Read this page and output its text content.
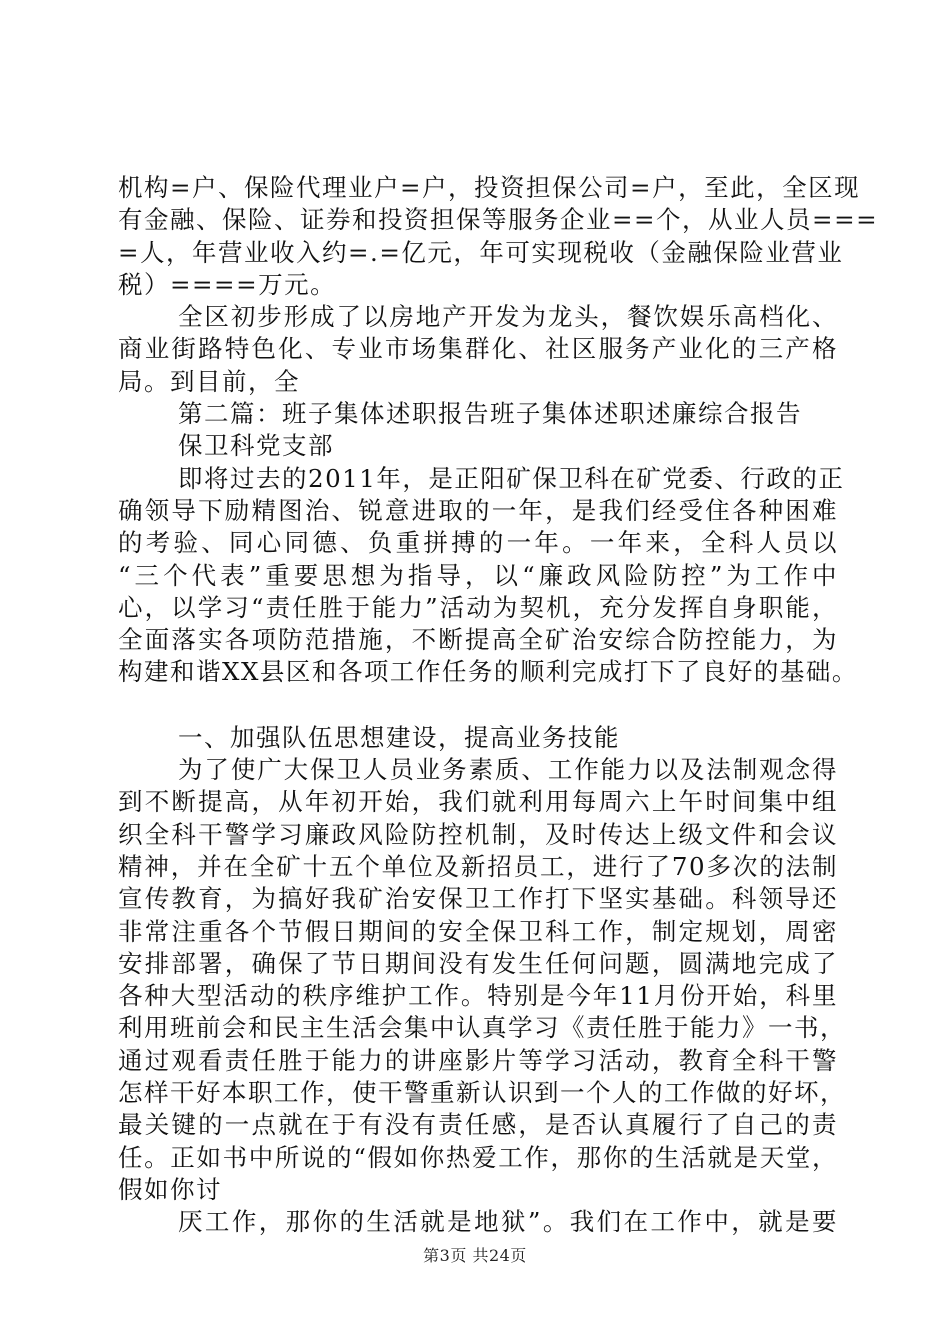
机构=户、保险代理业户=户，投资担保公司=户，至此，全区现
有金融、保险、证券和投资担保等服务企业==个，从业人员===
=人，年营业收入约=.=亿元，年可实现税收（金融保险业营业
税）====万元。
全区初步形成了以房地产开发为龙头，餐饮娱乐高档化、
商业街路特色化、专业市场集群化、社区服务产业化的三产格
局。到目前，全
第二篇：班子集体述职报告班子集体述职述廉综合报告
保卫科党支部
即将过去的2011年，是正阳矿保卫科在矿党委、行政的正
确领导下励精图治、锐意进取的一年，是我们经受住各种困难
的考验、同心同德、负重拼搏的一年。一年来，全科人员以
“三个代表”重要思想为指导，以“廉政风险防控”为工作中
心，以学习“责任胜于能力”活动为契机，充分发挥自身职能，
全面落实各项防范措施，不断提高全矿治安综合防控能力，为
构建和谐XX县区和各项工作任务的顺利完成打下了良好的基础。
一、加强队伍思想建设，提高业务技能
为了使广大保卫人员业务素质、工作能力以及法制观念得
到不断提高，从年初开始，我们就利用每周六上午时间集中组
织全科干警学习廉政风险防控机制，及时传达上级文件和会议
精神，并在全矿十五个单位及新招员工，进行了70多次的法制
宣传教育，为搞好我矿治安保卫工作打下坚实基础。科领导还
非常注重各个节假日期间的安全保卫科工作，制定规划，周密
安排部署，确保了节日期间没有发生任何问题，圆满地完成了
各种大型活动的秩序维护工作。特别是今年11月份开始，科里
利用班前会和民主生活会集中认真学习《责任胜于能力》一书，
通过观看责任胜于能力的讲座影片等学习活动，教育全科干警
怎样干好本职工作，使干警重新认识到一个人的工作做的好坏，
最关键的一点就在于有没有责任感，是否认真履行了自己的责
任。正如书中所说的“假如你热爱工作，那你的生活就是天堂，
假如你讨
厌工作，那你的生活就是地狱”。我们在工作中，就是要
第3页 共24页
